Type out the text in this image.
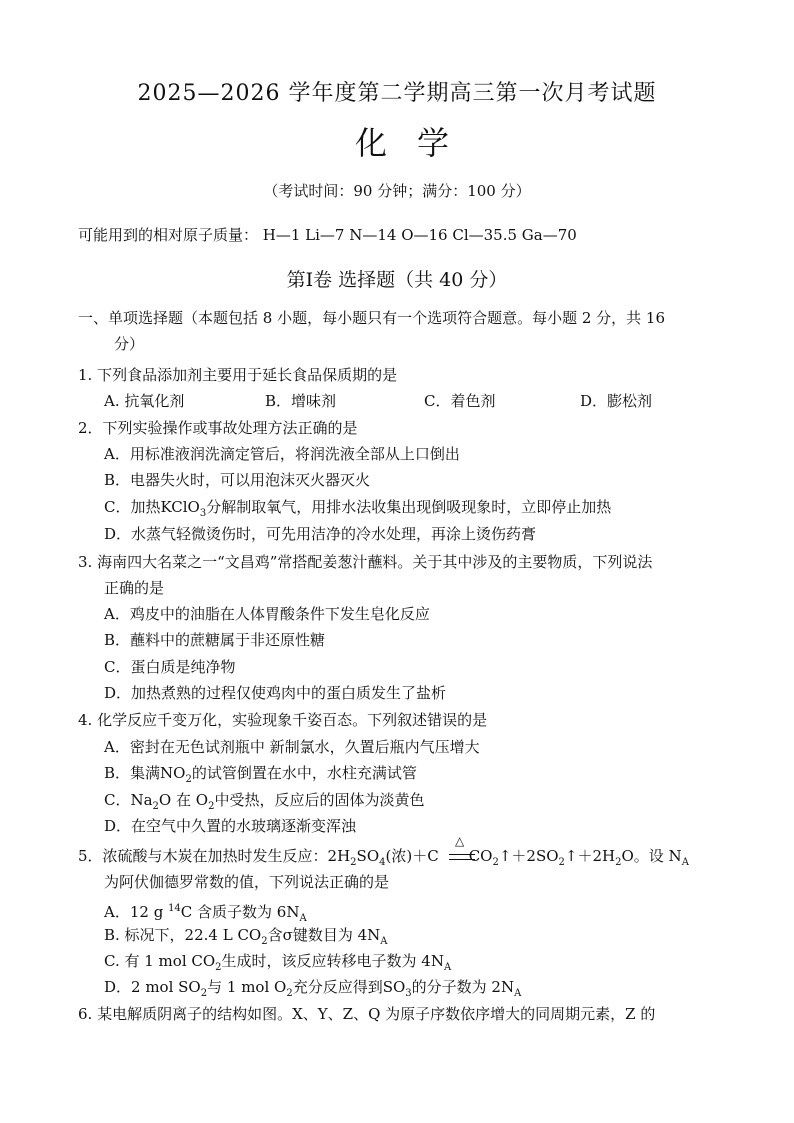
2025—2026 学年度第二学期高三第一次月考试题
化学
（考试时间：90 分钟；满分：100 分）
可能用到的相对原子质量： H—1 Li—7 N—14 O—16 Cl—35.5 Ga—70
第Ⅰ卷 选择题（共 40 分）
一、单项选择题（本题包括 8 小题，每小题只有一个选项符合题意。每小题 2 分，共 16
分）
1. 下列食品添加剂主要用于延长食品保质期的是
A. 抗氧化剂	B．增味剂	C．着色剂	D．膨松剂
2．下列实验操作或事故处理方法正确的是
A．用标准液润洗滴定管后，将润洗液全部从上口倒出
B．电器失火时，可以用泡沫灭火器灭火
C．加热KClO$_3$分解制取氧气，用排水法收集出现倒吸现象时，立即停止加热
D．水蒸气轻微烫伤时，可先用洁净的冷水处理，再涂上烫伤药膏
3. 海南四大名菜之一“文昌鸡”常搭配姜葱汁蘸料。关于其中涉及的主要物质，下列说法
正确的是
A．鸡皮中的油脂在人体胃酸条件下发生皂化反应
B．蘸料中的蔗糖属于非还原性糖
C．蛋白质是纯净物
D．加热煮熟的过程仅使鸡肉中的蛋白质发生了盐析
4. 化学反应千变万化，实验现象千姿百态。下列叙述错误的是
A．密封在无色试剂瓶中 新制氯水，久置后瓶内气压增大
B．集满$NO_2$的试管倒置在水中，水柱充满试管
C．$Na_2O$ 在 $O_2$中受热，反应后的固体为淡黄色
D．在空气中久置的水玻璃逐渐变浑浊
△
5．浓硫酸与木炭在加热时发生反应：$2H_2SO_4$(浓)＋C $CO_2↑+2SO_2↑+2H_2O$。设 $N_A$
为阿伏伽德罗常数的值，下列说法正确的是
A．12 g $^{14}$C 含质子数为 $6N_A$
B. 标况下，22.4 L $CO_2$含σ键数目为 $4N_A$
C. 有 1 mol $CO_2$生成时，该反应转移电子数为 $4N_A$
D．2 mol $SO_2$与 1 mol $O_2$充分反应得到$SO_3$的分子数为 $2N_A$
6. 某电解质阴离子的结构如图。X、Y、Z、Q 为原子序数依序增大的同周期元素，Z 的
